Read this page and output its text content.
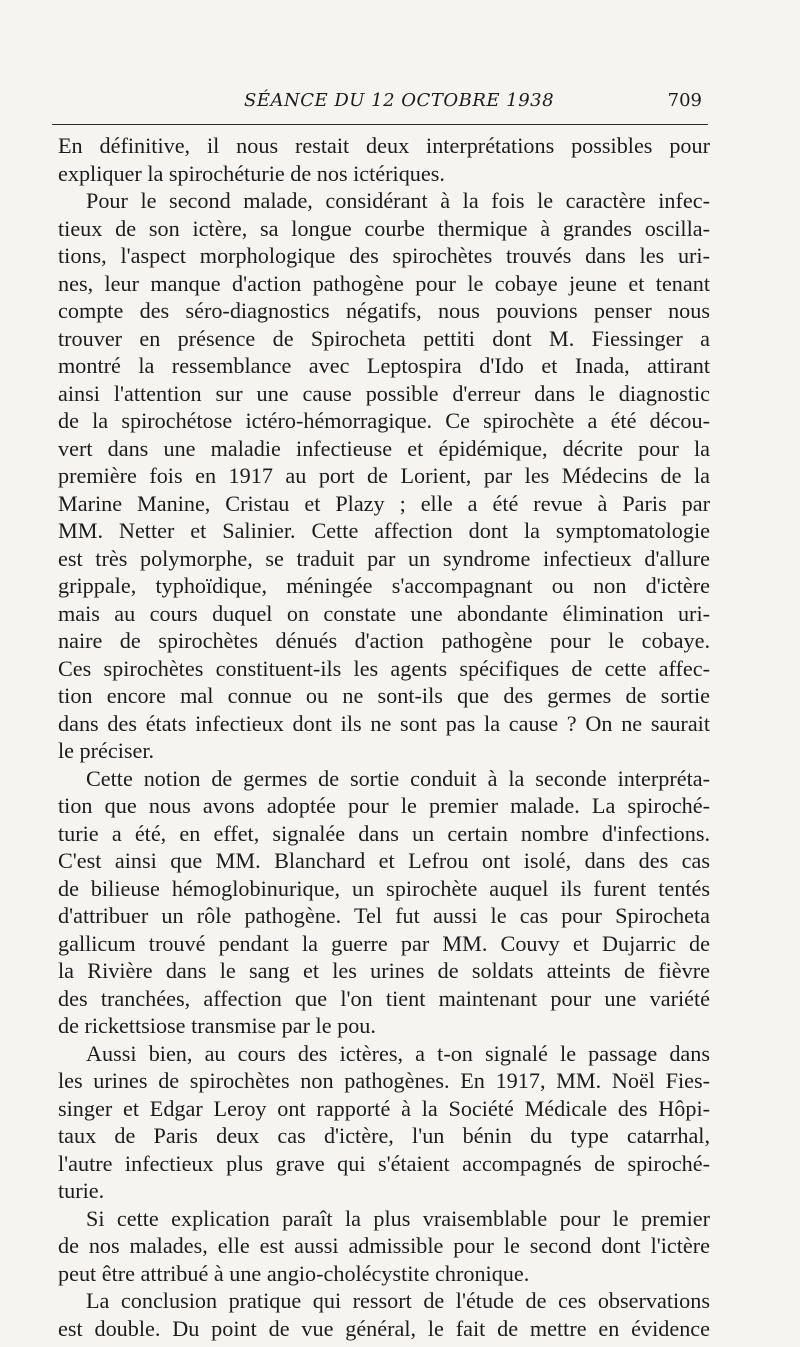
SÉANCE DU 12 OCTOBRE 1938	709

En définitive, il nous restait deux interprétations possibles pour

expliquer la spirochéturie de nos ictériques.

Pour le second malade, considérant à la fois le caractère infec-

tieux de son ictère, sa longue courbe thermique à grandes oscilla-

tions, l'aspect morphologique des spirochètes trouvés dans les uri-

nes, leur manque d'action pathogène pour le cobaye jeune et tenant

compte des séro-diagnostics négatifs, nous pouvions penser nous

trouver en présence de Spirocheta pettiti dont M. Fiessinger a

montré la ressemblance avec Leptospira d'Ido et Inada, attirant

ainsi l'attention sur une cause possible d'erreur dans le diagnostic

de la spirochétose ictéro-hémorragique. Ce spirochète a été décou-

vert dans une maladie infectieuse et épidémique, décrite pour la

première fois en 1917 au port de Lorient, par les Médecins de la

Marine Manine, Cristau et Plazy ; elle a été revue à Paris par

MM. Netter et Salinier. Cette affection dont la symptomatologie

est très polymorphe, se traduit par un syndrome infectieux d'allure

grippale, typhoïdique, méningée s'accompagnant ou non d'ictère

mais au cours duquel on constate une abondante élimination uri-

naire de spirochètes dénués d'action pathogène pour le cobaye.

Ces spirochètes constituent-ils les agents spécifiques de cette affec-

tion encore mal connue ou ne sont-ils que des germes de sortie

dans des états infectieux dont ils ne sont pas la cause ? On ne saurait

le préciser.

Cette notion de germes de sortie conduit à la seconde interpréta-

tion que nous avons adoptée pour le premier malade. La spiroché-

turie a été, en effet, signalée dans un certain nombre d'infections.

C'est ainsi que MM. Blanchard et Lefrou ont isolé, dans des cas

de bilieuse hémoglobinurique, un spirochète auquel ils furent tentés

d'attribuer un rôle pathogène. Tel fut aussi le cas pour Spirocheta

gallicum trouvé pendant la guerre par MM. Couvy et Dujarric de

la Rivière dans le sang et les urines de soldats atteints de fièvre

des tranchées, affection que l'on tient maintenant pour une variété

de rickettsiose transmise par le pou.

Aussi bien, au cours des ictères, a t-on signalé le passage dans

les urines de spirochètes non pathogènes. En 1917, MM. Noël Fies-

singer et Edgar Leroy ont rapporté à la Société Médicale des Hôpi-

taux de Paris deux cas d'ictère, l'un bénin du type catarrhal,

l'autre infectieux plus grave qui s'étaient accompagnés de spiroché-

turie.

Si cette explication paraît la plus vraisemblable pour le premier

de nos malades, elle est aussi admissible pour le second dont l'ictère

peut être attribué à une angio-cholécystite chronique.

La conclusion pratique qui ressort de l'étude de ces observations

est double. Du point de vue général, le fait de mettre en évidence
